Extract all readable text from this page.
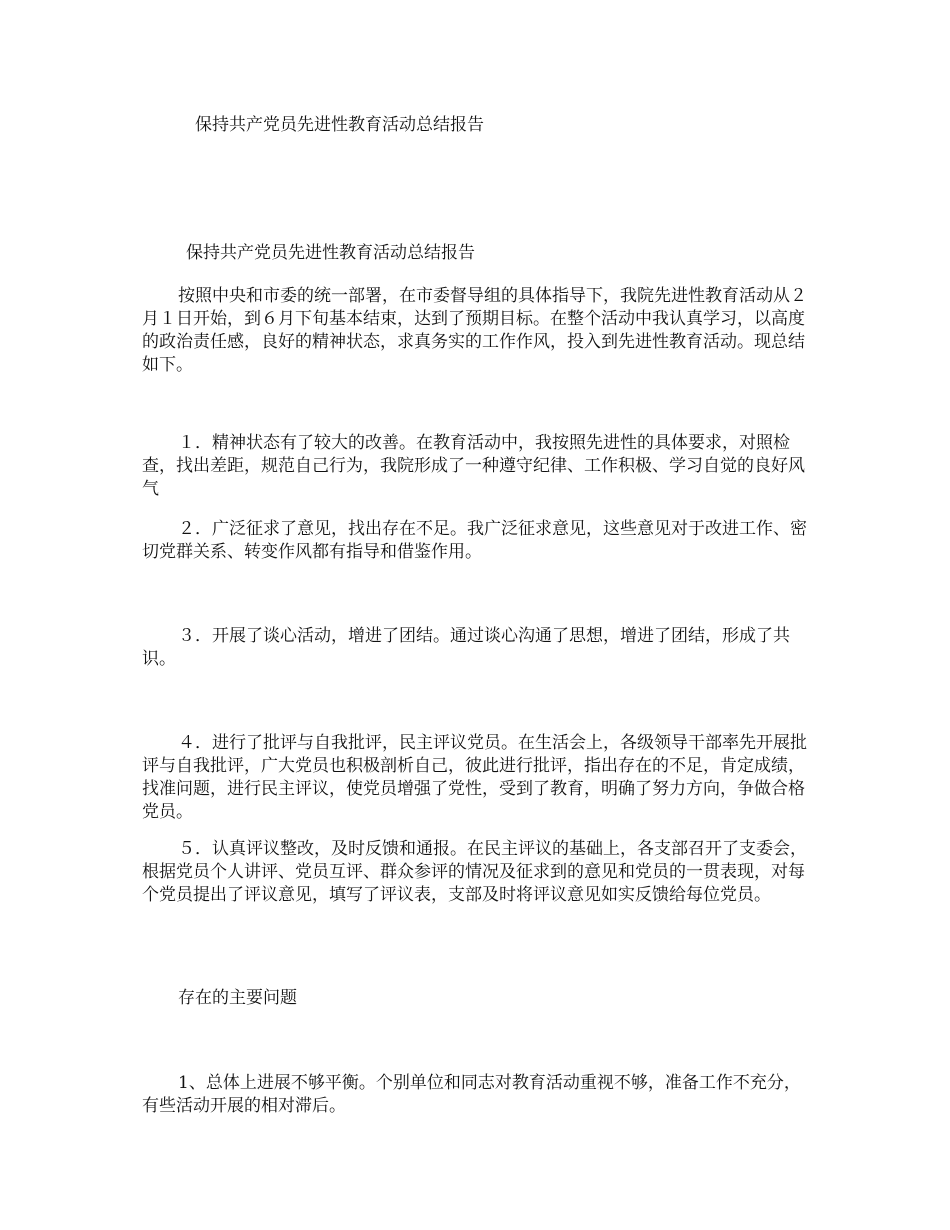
保持共产党员先进性教育活动总结报告
保持共产党员先进性教育活动总结报告

按照中央和市委的统一部署，在市委督导组的具体指导下，我院先进性教育活动从２月１日开始，到６月下旬基本结束，达到了预期目标。在整个活动中我认真学习，以高度的政治责任感，良好的精神状态，求真务实的工作作风，投入到先进性教育活动。现总结如下。

１．精神状态有了较大的改善。在教育活动中，我按照先进性的具体要求，对照检查，找出差距，规范自己行为，我院形成了一种遵守纪律、工作积极、学习自觉的良好风气

２．广泛征求了意见，找出存在不足。我广泛征求意见，这些意见对于改进工作、密切党群关系、转变作风都有指导和借鉴作用。

３．开展了谈心活动，增进了团结。通过谈心沟通了思想，增进了团结，形成了共识。

４．进行了批评与自我批评，民主评议党员。在生活会上，各级领导干部率先开展批评与自我批评，广大党员也积极剖析自己，彼此进行批评，指出存在的不足，肯定成绩，找准问题，进行民主评议，使党员增强了党性，受到了教育，明确了努力方向，争做合格党员。

５．认真评议整改，及时反馈和通报。在民主评议的基础上，各支部召开了支委会，根据党员个人讲评、党员互评、群众参评的情况及征求到的意见和党员的一贯表现，对每个党员提出了评议意见，填写了评议表，支部及时将评议意见如实反馈给每位党员。

存在的主要问题

1、总体上进展不够平衡。个别单位和同志对教育活动重视不够，准备工作不充分，有些活动开展的相对滞后。
